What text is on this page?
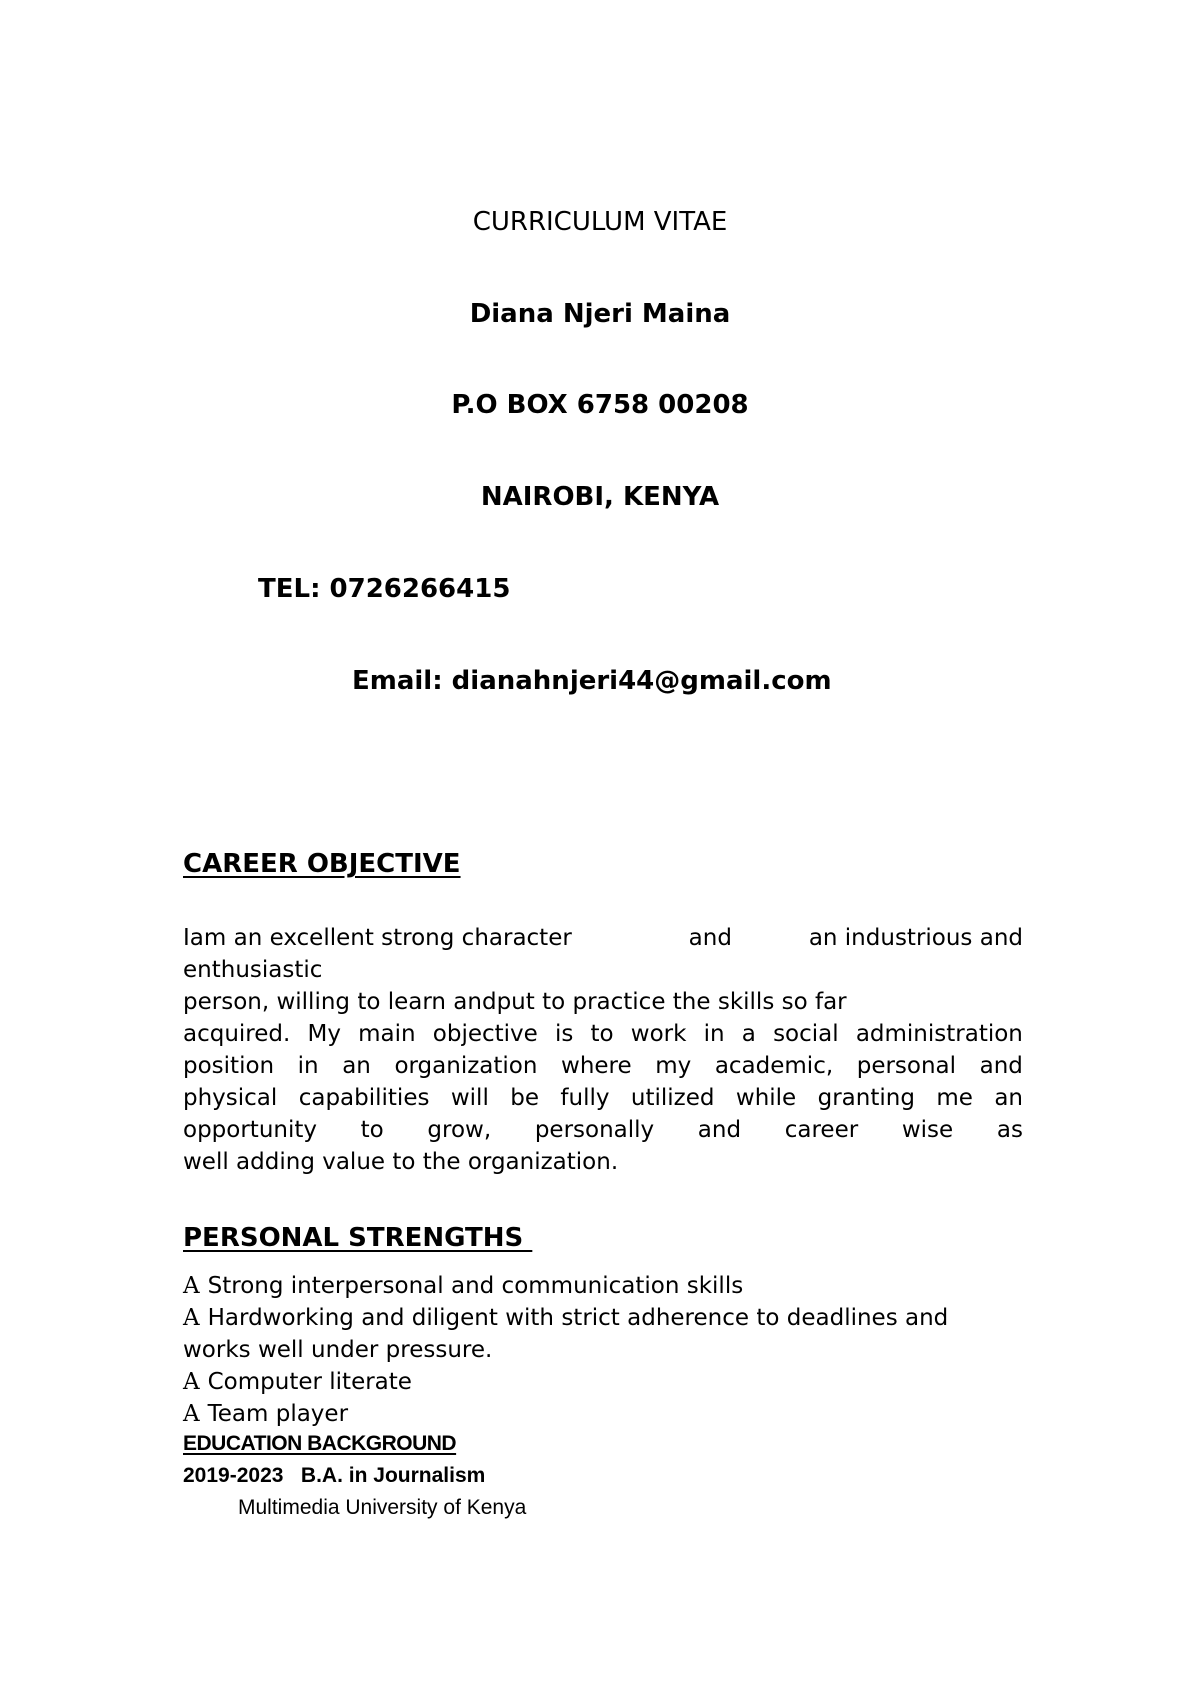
CURRICULUM VITAE
Diana Njeri Maina
P.O BOX 6758 00208
NAIROBI, KENYA
TEL: 0726266415
Email: dianahnjeri44@gmail.com
CAREER OBJECTIVE
Iam an excellent strong character	and	an industrious and
enthusiastic
person, willing to learn andput to practice the skills so far
acquired. My main objective is to work in a social administration
position in an organization where my academic, personal and
physical capabilities will be fully utilized while granting me an
opportunity to grow, personally and career wise as
well adding value to the organization.
PERSONAL STRENGTHS
A Strong interpersonal and communication skills
A Hardworking and diligent with strict adherence to deadlines and
works well under pressure.
A Computer literate
A Team player
EDUCATION BACKGROUND
2019-2023   B.A. in Journalism
Multimedia University of Kenya
